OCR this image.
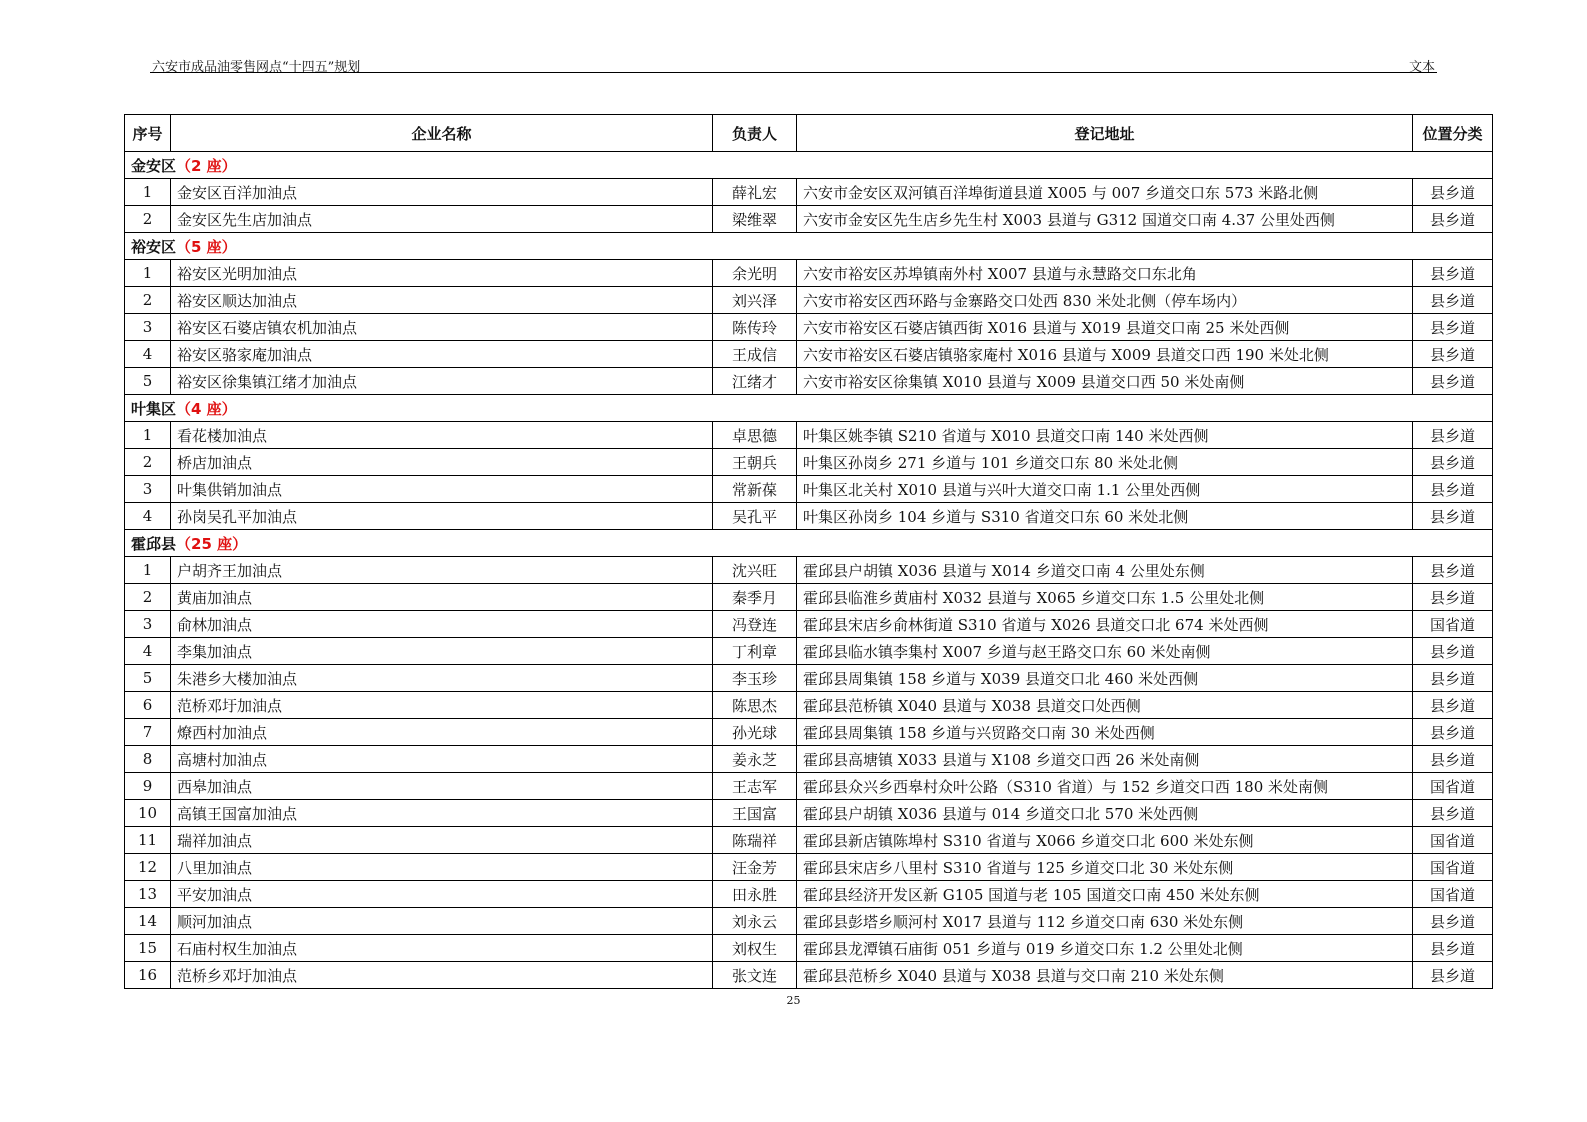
六安市成品油零售网点“十四五”规划	文本
序号	企业名称	负责人	登记地址	位置分类
金安区（2 座）				
1	金安区百洋加油点	薛礼宏	六安市金安区双河镇百洋埠街道县道 X005 与 007 乡道交口东 573 米路北侧	县乡道
2	金安区先生店加油点	梁维翠	六安市金安区先生店乡先生村 X003 县道与 G312 国道交口南 4.37 公里处西侧	县乡道
裕安区（5 座）				
1	裕安区光明加油点	余光明	六安市裕安区苏埠镇南外村 X007 县道与永慧路交口东北角	县乡道
2	裕安区顺达加油点	刘兴泽	六安市裕安区西环路与金寨路交口处西 830 米处北侧（停车场内）	县乡道
3	裕安区石婆店镇农机加油点	陈传玲	六安市裕安区石婆店镇西街 X016 县道与 X019 县道交口南 25 米处西侧	县乡道
4	裕安区骆家庵加油点	王成信	六安市裕安区石婆店镇骆家庵村 X016 县道与 X009 县道交口西 190 米处北侧	县乡道
5	裕安区徐集镇江绪才加油点	江绪才	六安市裕安区徐集镇 X010 县道与 X009 县道交口西 50 米处南侧	县乡道
叶集区（4 座）				
1	看花楼加油点	卓思德	叶集区姚李镇 S210 省道与 X010 县道交口南 140 米处西侧	县乡道
2	桥店加油点	王朝兵	叶集区孙岗乡 271 乡道与 101 乡道交口东 80 米处北侧	县乡道
3	叶集供销加油点	常新葆	叶集区北关村 X010 县道与兴叶大道交口南 1.1 公里处西侧	县乡道
4	孙岗吴孔平加油点	吴孔平	叶集区孙岗乡 104 乡道与 S310 省道交口东 60 米处北侧	县乡道
霍邱县（25 座）				
1	户胡齐王加油点	沈兴旺	霍邱县户胡镇 X036 县道与 X014 乡道交口南 4 公里处东侧	县乡道
2	黄庙加油点	秦季月	霍邱县临淮乡黄庙村 X032 县道与 X065 乡道交口东 1.5 公里处北侧	县乡道
3	俞林加油点	冯登连	霍邱县宋店乡俞林街道 S310 省道与 X026 县道交口北 674 米处西侧	国省道
4	李集加油点	丁利章	霍邱县临水镇李集村 X007 乡道与赵王路交口东 60 米处南侧	县乡道
5	朱港乡大楼加油点	李玉珍	霍邱县周集镇 158 乡道与 X039 县道交口北 460 米处西侧	县乡道
6	范桥邓圩加油点	陈思杰	霍邱县范桥镇 X040 县道与 X038 县道交口处西侧	县乡道
7	燎西村加油点	孙光球	霍邱县周集镇 158 乡道与兴贸路交口南 30 米处西侧	县乡道
8	高塘村加油点	姜永芝	霍邱县高塘镇 X033 县道与 X108 乡道交口西 26 米处南侧	县乡道
9	西皋加油点	王志军	霍邱县众兴乡西皋村众叶公路（S310 省道）与 152 乡道交口西 180 米处南侧	国省道
10	高镇王国富加油点	王国富	霍邱县户胡镇 X036 县道与 014 乡道交口北 570 米处西侧	县乡道
11	瑞祥加油点	陈瑞祥	霍邱县新店镇陈埠村 S310 省道与 X066 乡道交口北 600 米处东侧	国省道
12	八里加油点	汪金芳	霍邱县宋店乡八里村 S310 省道与 125 乡道交口北 30 米处东侧	国省道
13	平安加油点	田永胜	霍邱县经济开发区新 G105 国道与老 105 国道交口南 450 米处东侧	国省道
14	顺河加油点	刘永云	霍邱县彭塔乡顺河村 X017 县道与 112 乡道交口南 630 米处东侧	县乡道
15	石庙村权生加油点	刘权生	霍邱县龙潭镇石庙街 051 乡道与 019 乡道交口东 1.2 公里处北侧	县乡道
16	范桥乡邓圩加油点	张文连	霍邱县范桥乡 X040 县道与 X038 县道与交口南 210 米处东侧	县乡道
25
